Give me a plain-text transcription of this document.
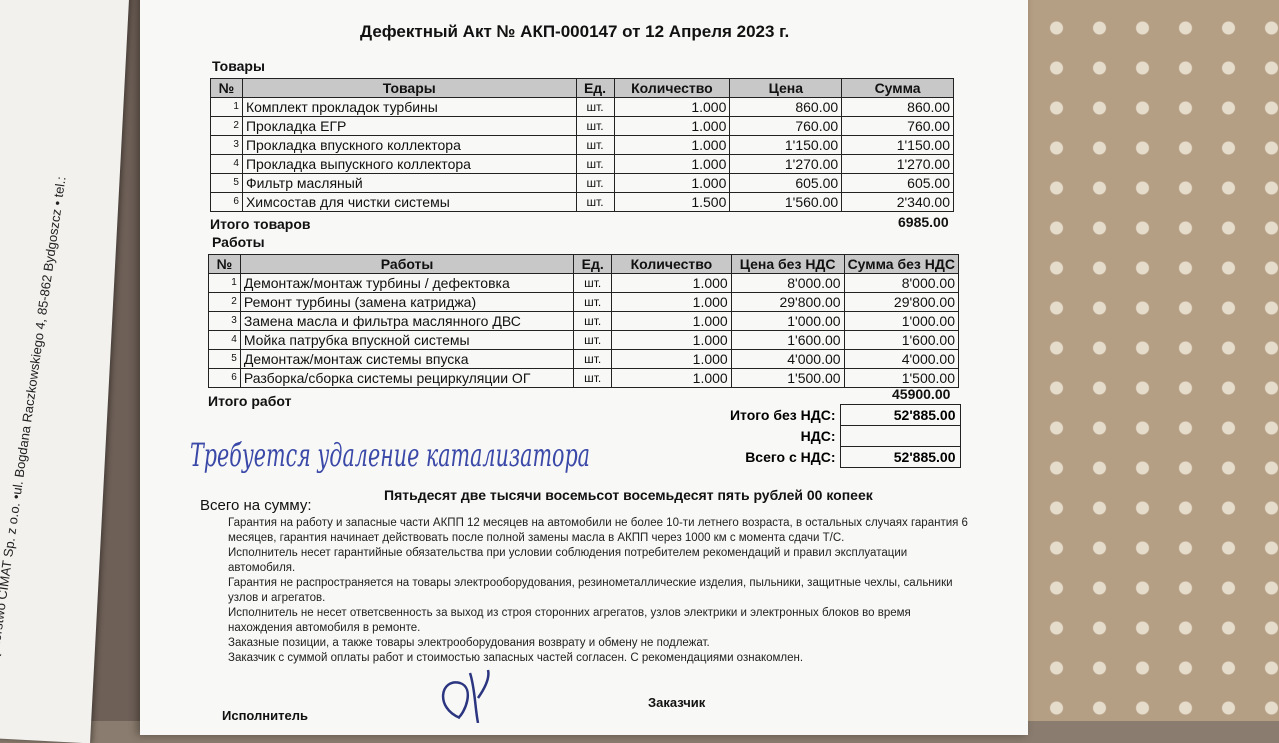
Дефектный Акт № АКП-000147 от 12 Апреля 2023 г.
Товары
№	Товары	Ед.	Количество	Цена	Сумма
1	Комплект прокладок турбины	шт.	1.000	860.00	860.00
2	Прокладка ЕГР	шт.	1.000	760.00	760.00
3	Прокладка впускного коллектора	шт.	1.000	1'150.00	1'150.00
4	Прокладка выпускного коллектора	шт.	1.000	1'270.00	1'270.00
5	Фильтр масляный	шт.	1.000	605.00	605.00
6	Химсостав для чистки системы	шт.	1.500	1'560.00	2'340.00
Итого товаров	6985.00
Работы
№	Работы	Ед.	Количество	Цена без НДС	Сумма без НДС
1	Демонтаж/монтаж турбины / дефектовка	шт.	1.000	8'000.00	8'000.00
2	Ремонт турбины (замена катриджа)	шт.	1.000	29'800.00	29'800.00
3	Замена масла и фильтра маслянного ДВС	шт.	1.000	1'000.00	1'000.00
4	Мойка патрубка впускной системы	шт.	1.000	1'600.00	1'600.00
5	Демонтаж/монтаж системы впуска	шт.	1.000	4'000.00	4'000.00
6	Разборка/сборка системы рециркуляции ОГ	шт.	1.000	1'500.00	1'500.00
Итого работ	45900.00
Итого без НДС:	52'885.00
НДС:	
Всего с НДС:	52'885.00
Требуется удаление катализатора
Всего на сумму:
Пятьдесят две тысячи восемьсот восемьдесят пять рублей 00 копеек

Гарантия на работу и запасные части АКПП 12 месяцев на автомобили не более 10-ти летнего возраста, в остальных случаях гарантия 6 месяцев, гарантия начинает действовать после полной замены масла в АКПП через 1000 км с момента сдачи Т/С.

Исполнитель несет гарантийные обязательства при условии соблюдения потребителем рекомендаций и правил эксплуатации автомобиля.

Гарантия не распространяется на товары электрооборудования, резинометаллические изделия, пыльники, защитные чехлы, сальники узлов и агрегатов.

Исполнитель не несет ответсвенность за выход из строя сторонних агрегатов, узлов электрики и электронных блоков во время нахождения автомобиля в ремонте.

Заказные позиции, а также товары электрооборудования возврату и обмену не подлежат.

Заказчик с суммой оплаты работ и стоимостью запасных частей согласен. С рекомендациями ознакомлен.

Исполнитель
Заказчик
